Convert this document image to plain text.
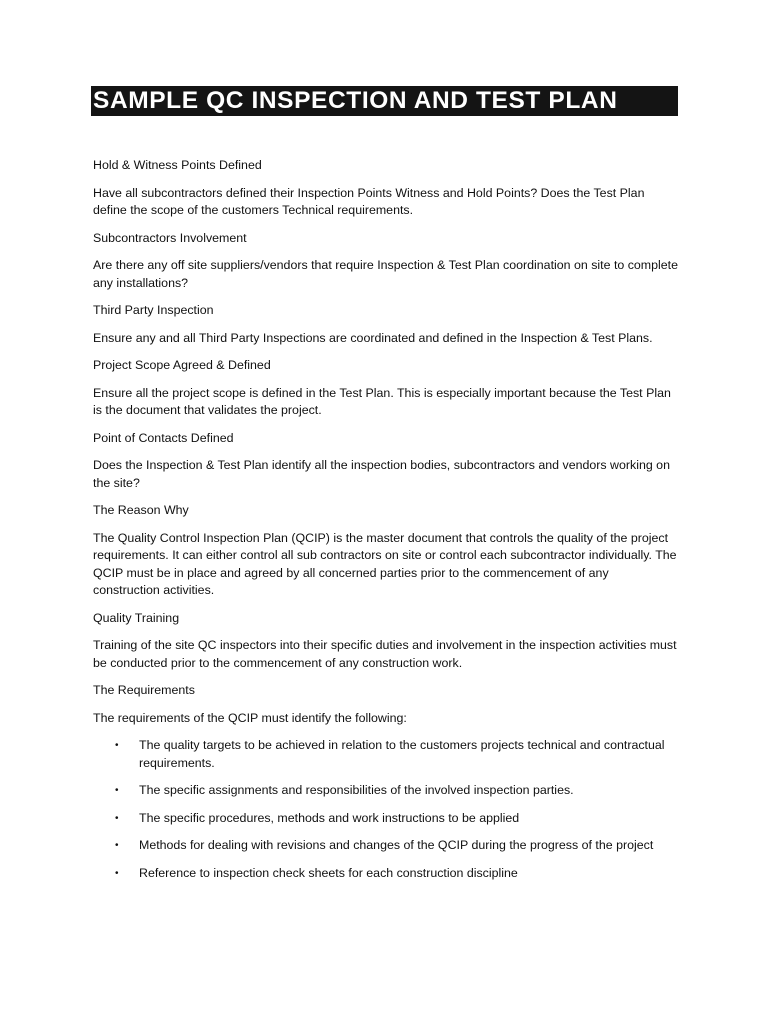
SAMPLE QC INSPECTION AND TEST PLAN

Hold & Witness Points Defined

Have all subcontractors defined their Inspection Points Witness and Hold Points? Does the Test Plan define the scope of the customers Technical requirements.

Subcontractors Involvement

Are there any off site suppliers/vendors that require Inspection & Test Plan coordination on site to complete any installations?

Third Party Inspection

Ensure any and all Third Party Inspections are coordinated and defined in the Inspection & Test Plans.

Project Scope Agreed & Defined

Ensure all the project scope is defined in the Test Plan. This is especially important because the Test Plan is the document that validates the project.

Point of Contacts Defined

Does the Inspection & Test Plan identify all the inspection bodies, subcontractors and vendors working on the site?

The Reason Why

The Quality Control Inspection Plan (QCIP) is the master document that controls the quality of the project requirements. It can either control all sub contractors on site or control each subcontractor individually. The QCIP must be in place and agreed by all concerned parties prior to the commencement of any construction activities.

Quality Training

Training of the site QC inspectors into their specific duties and involvement in the inspection activities must be conducted prior to the commencement of any construction work.

The Requirements

The requirements of the QCIP must identify the following:

• The quality targets to be achieved in relation to the customers projects technical and contractual requirements.
• The specific assignments and responsibilities of the involved inspection parties.
• The specific procedures, methods and work instructions to be applied
• Methods for dealing with revisions and changes of the QCIP during the progress of the project
• Reference to inspection check sheets for each construction discipline
